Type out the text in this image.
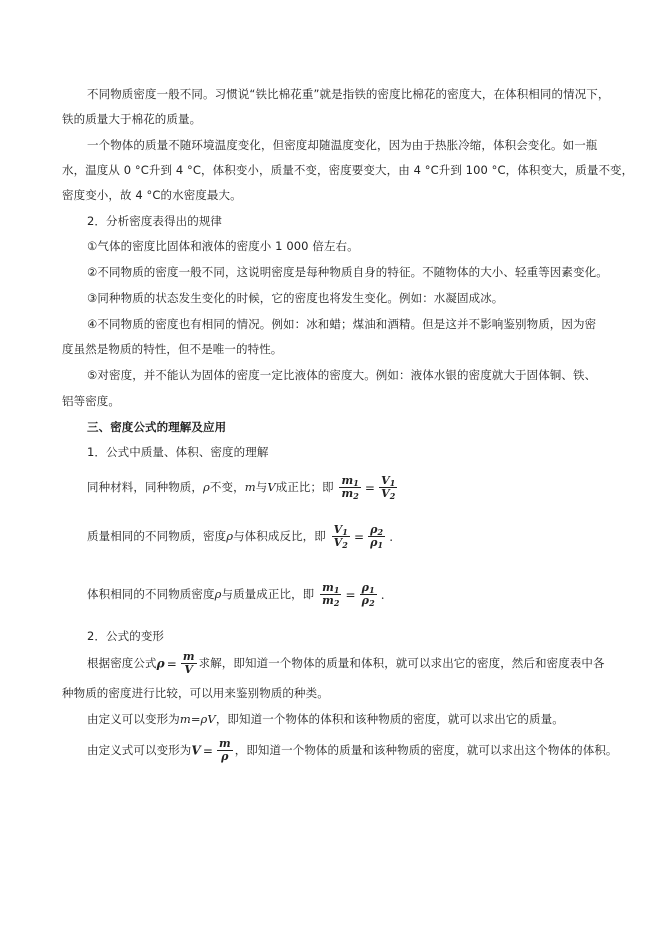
不同物质密度一般不同。习惯说“铁比棉花重”就是指铁的密度比棉花的密度大，在体积相同的情况下，
铁的质量大于棉花的质量。
一个物体的质量不随环境温度变化，但密度却随温度变化，因为由于热胀冷缩，体积会变化。如一瓶
水，温度从 0 °C升到 4 °C，体积变小，质量不变，密度要变大，由 4 °C升到 100 °C，体积变大，质量不变，
密度变小，故 4 °C的水密度最大。
2．分析密度表得出的规律
①气体的密度比固体和液体的密度小 1 000 倍左右。
②不同物质的密度一般不同，这说明密度是每种物质自身的特征。不随物体的大小、轻重等因素变化。
③同种物质的状态发生变化的时候，它的密度也将发生变化。例如：水凝固成冰。
④不同物质的密度也有相同的情况。例如：冰和蜡；煤油和酒精。但是这并不影响鉴别物质，因为密
度虽然是物质的特性，但不是唯一的特性。
⑤对密度，并不能认为固体的密度一定比液体的密度大。例如：液体水银的密度就大于固体铜、铁、
铝等密度。
三、密度公式的理解及应用
1．公式中质量、体积、密度的理解
同种材料，同种物质，ρ不变，m与V成正比；即 $\frac{m_1}{m_2} = \frac{V_1}{V_2}$
质量相同的不同物质，密度ρ与体积成反比，即 $\frac{V_1}{V_2} = \frac{\rho_2}{\rho_1}$ .
体积相同的不同物质密度ρ与质量成正比，即 $\frac{m_1}{m_2} = \frac{\rho_1}{\rho_2}$ .
2．公式的变形
根据密度公式$\rho = \frac{m}{V}$ 求解，即知道一个物体的质量和体积，就可以求出它的密度，然后和密度表中各
种物质的密度进行比较，可以用来鉴别物质的种类。
由定义可以变形为m=ρV，即知道一个物体的体积和该种物质的密度，就可以求出它的质量。
由定义式可以变形为$V = \frac{m}{\rho}$ ，即知道一个物体的质量和该种物质的密度，就可以求出这个物体的体积。
